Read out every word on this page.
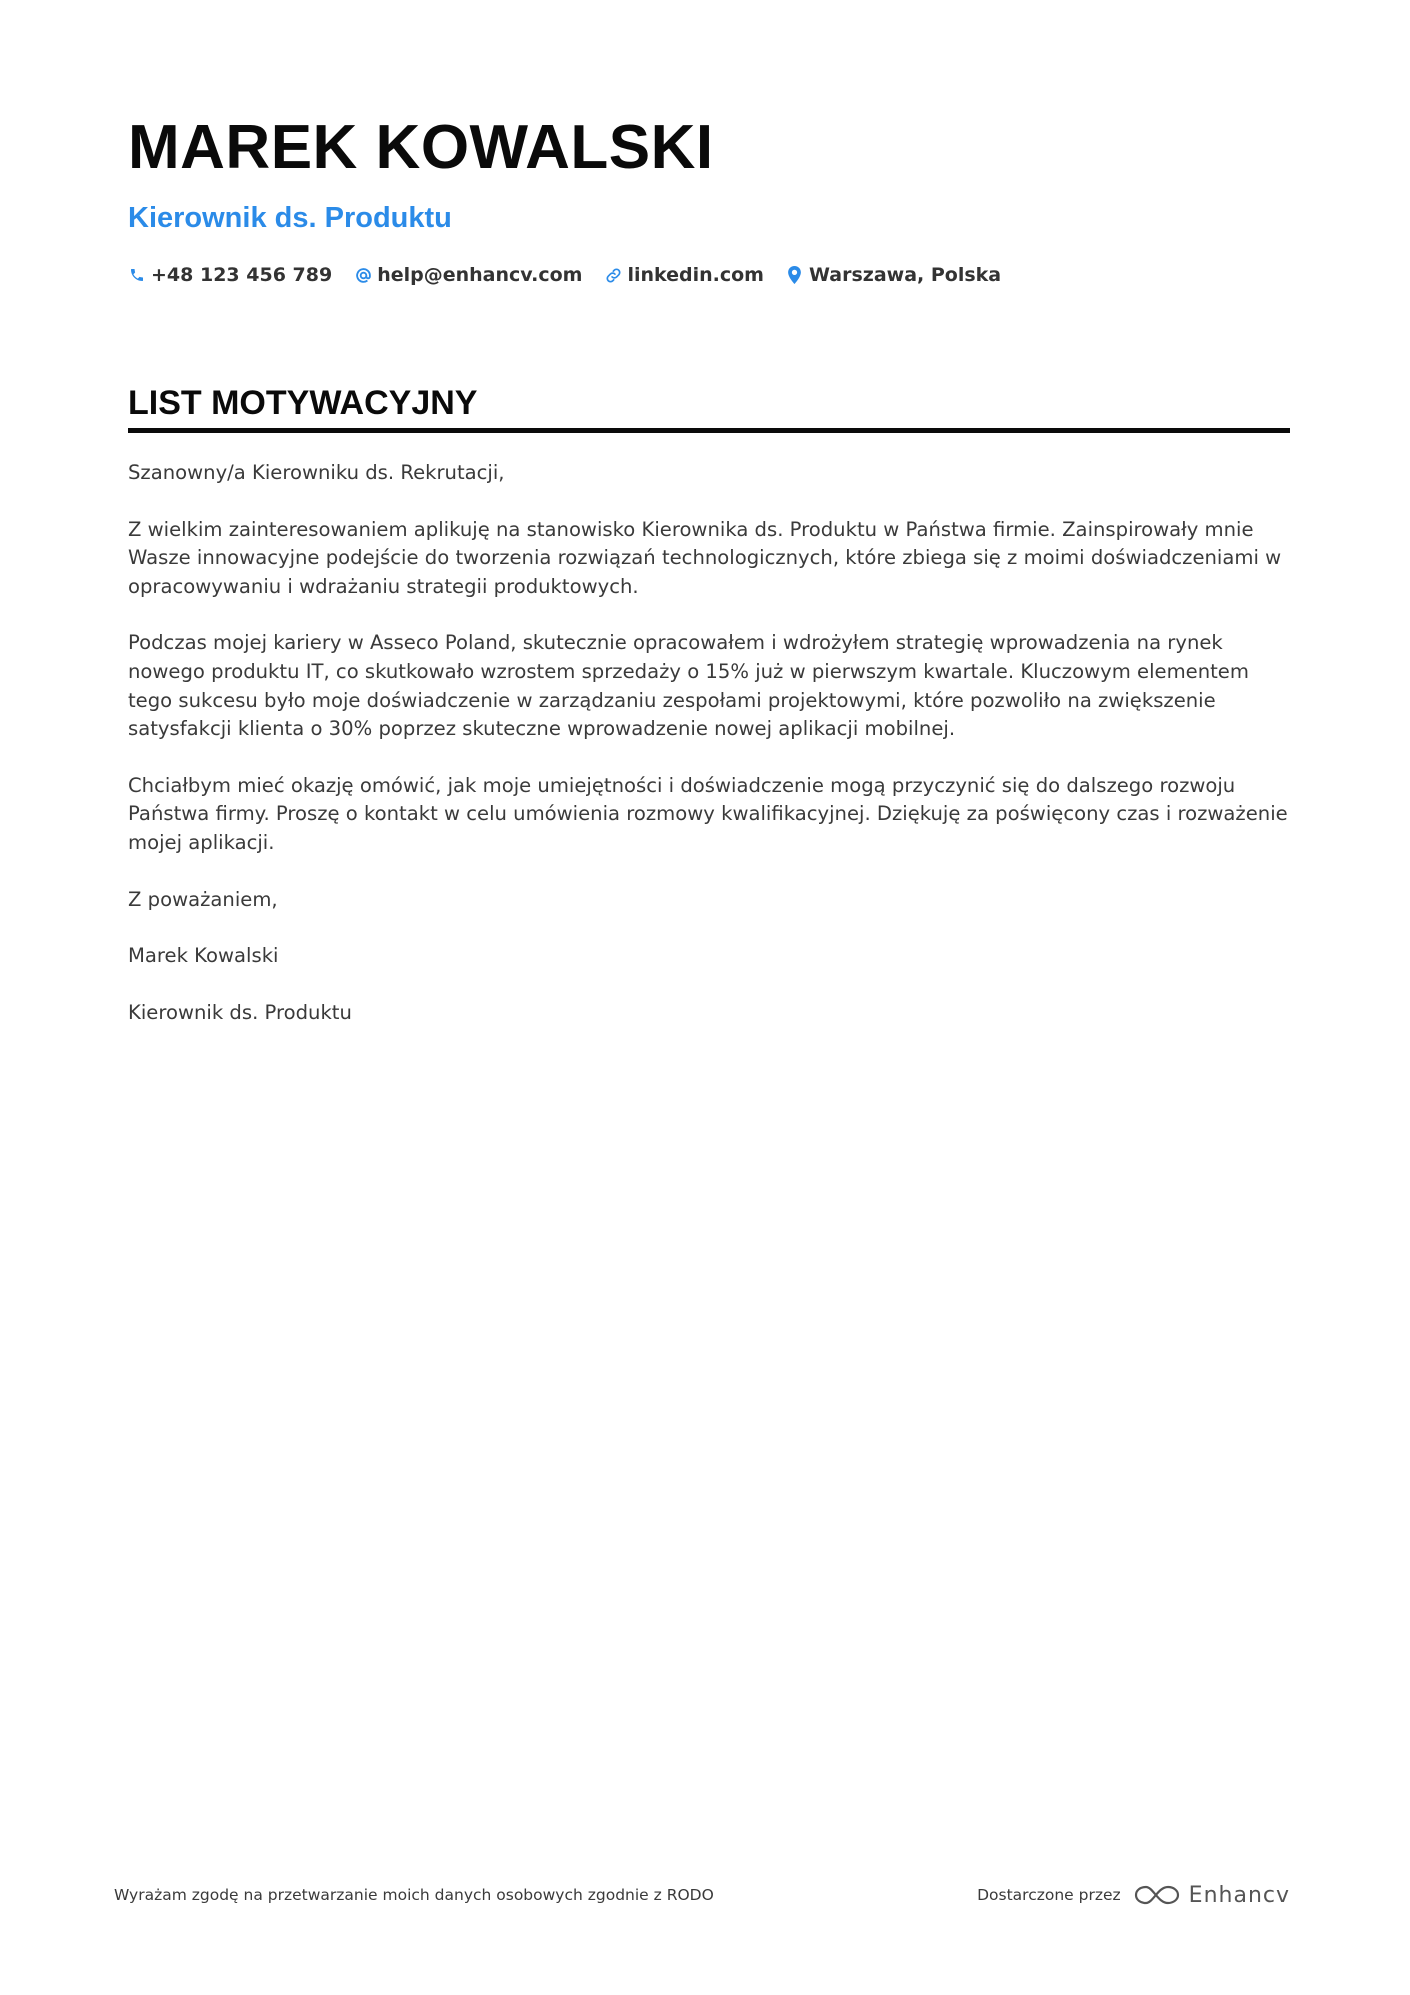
MAREK KOWALSKI
Kierownik ds. Produktu
+48 123 456 789 help@enhancv.com linkedin.com Warszawa, Polska
LIST MOTYWACYJNY

Szanowny/a Kierowniku ds. Rekrutacji,

Z wielkim zainteresowaniem aplikuję na stanowisko Kierownika ds. Produktu w Państwa firmie. Zainspirowały mnie Wasze innowacyjne podejście do tworzenia rozwiązań technologicznych, które zbiega się z moimi doświadczeniami w opracowywaniu i wdrażaniu strategii produktowych.

Podczas mojej kariery w Asseco Poland, skutecznie opracowałem i wdrożyłem strategię wprowadzenia na rynek nowego produktu IT, co skutkowało wzrostem sprzedaży o 15% już w pierwszym kwartale. Kluczowym elementem tego sukcesu było moje doświadczenie w zarządzaniu zespołami projektowymi, które pozwoliło na zwiększenie satysfakcji klienta o 30% poprzez skuteczne wprowadzenie nowej aplikacji mobilnej.

Chciałbym mieć okazję omówić, jak moje umiejętności i doświadczenie mogą przyczynić się do dalszego rozwoju Państwa firmy. Proszę o kontakt w celu umówienia rozmowy kwalifikacyjnej. Dziękuję za poświęcony czas i rozważenie mojej aplikacji.

Z poważaniem,

Marek Kowalski

Kierownik ds. Produktu

Wyrażam zgodę na przetwarzanie moich danych osobowych zgodnie z RODO	Dostarczone przez	Enhancv
